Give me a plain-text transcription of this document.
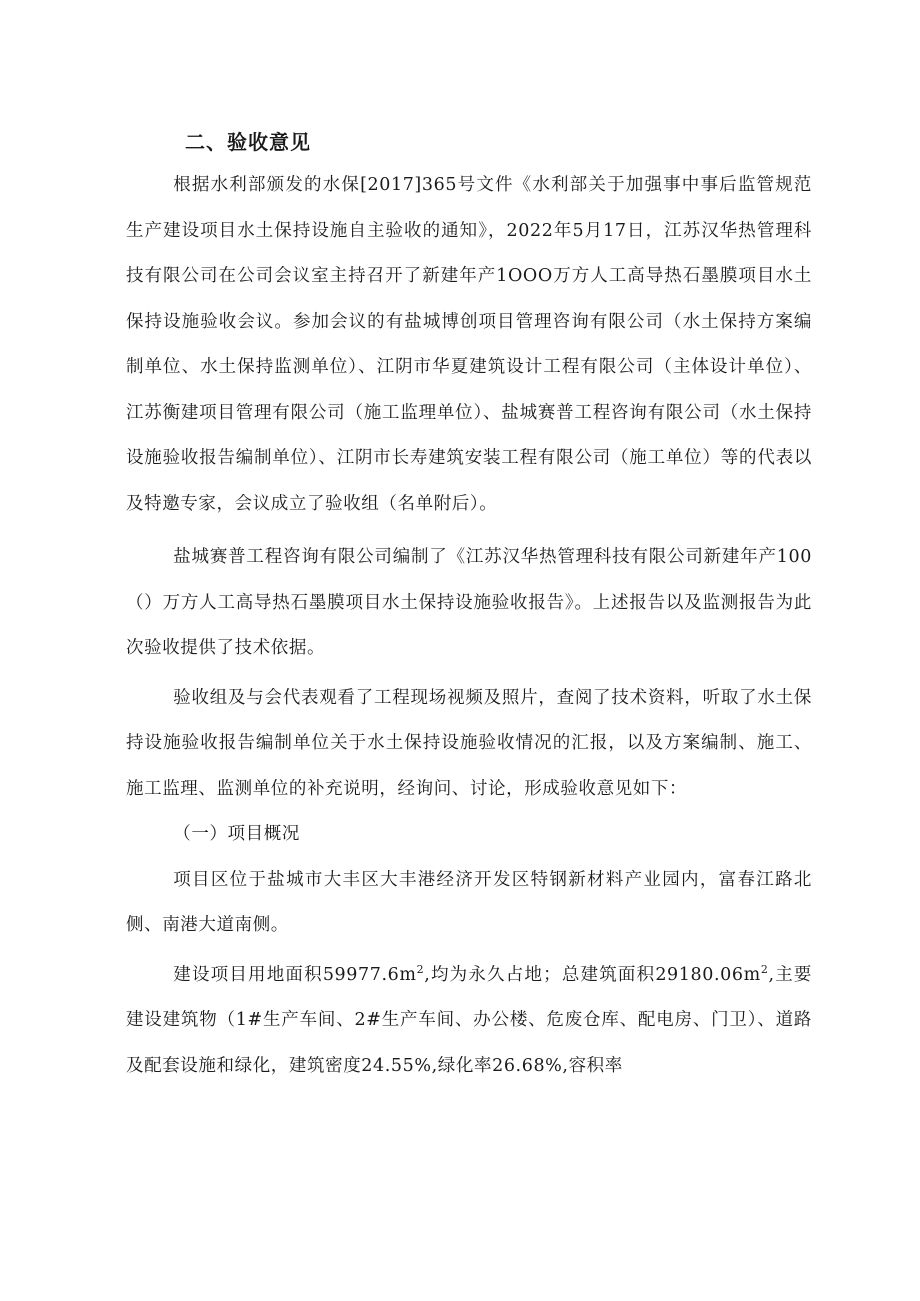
二、验收意见

根据水利部颁发的水保[2017]365号文件《水利部关于加强事中事后监管规范生产建设项目水土保持设施自主验收的通知》，2022年5月17日，江苏汉华热管理科技有限公司在公司会议室主持召开了新建年产1OOO万方人工高导热石墨膜项目水土保持设施验收会议。参加会议的有盐城博创项目管理咨询有限公司（水土保持方案编制单位、水土保持监测单位）、江阴市华夏建筑设计工程有限公司（主体设计单位）、江苏衡建项目管理有限公司（施工监理单位）、盐城赛普工程咨询有限公司（水土保持设施验收报告编制单位）、江阴市长寿建筑安装工程有限公司（施工单位）等的代表以及特邀专家，会议成立了验收组（名单附后）。

盐城赛普工程咨询有限公司编制了《江苏汉华热管理科技有限公司新建年产100（）万方人工高导热石墨膜项目水土保持设施验收报告》。上述报告以及监测报告为此次验收提供了技术依据。

验收组及与会代表观看了工程现场视频及照片，查阅了技术资料，听取了水土保持设施验收报告编制单位关于水土保持设施验收情况的汇报，以及方案编制、施工、施工监理、监测单位的补充说明，经询问、讨论，形成验收意见如下：

（一）项目概况

项目区位于盐城市大丰区大丰港经济开发区特钢新材料产业园内，富春江路北侧、南港大道南侧。

建设项目用地面积$59977.6m^2$,均为永久占地；总建筑面积$29180.06m^2$,主要建设建筑物（1#生产车间、2#生产车间、办公楼、危废仓库、配电房、门卫）、道路及配套设施和绿化，建筑密度24.55%,绿化率26.68%,容积率
